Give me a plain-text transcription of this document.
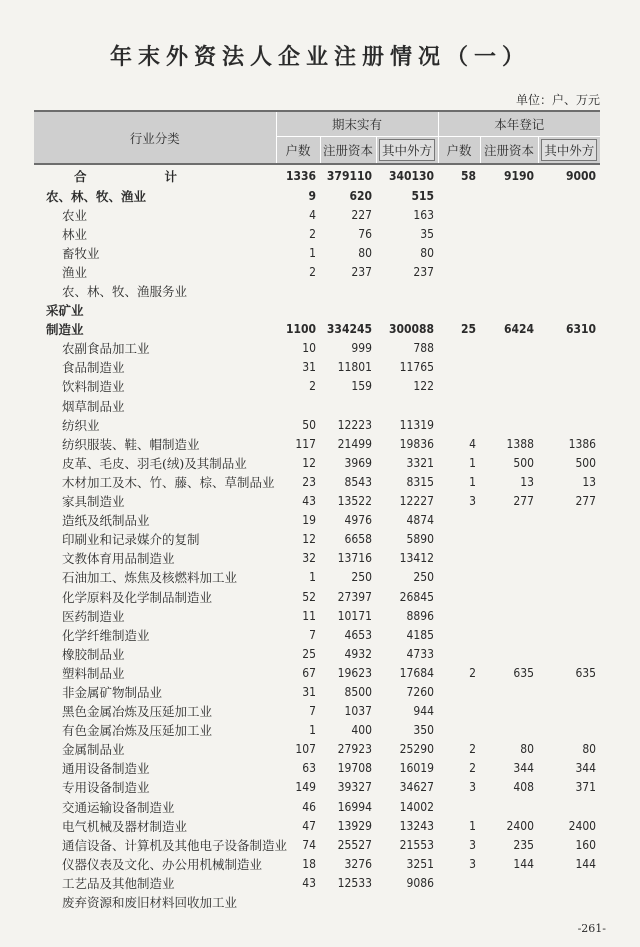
年末外资法人企业注册情况（一）
单位：户、万元
行业分类	期末实有			本年登记		
	户数	注册资本	其中外方	户数	注册资本	其中外方
合 计	1336	379110	340130	58	9190	9000
农、林、牧、渔业	9	620	515			
农业	4	227	163			
林业	2	76	35			
畜牧业	1	80	80			
渔业	2	237	237			
农、林、牧、渔服务业						
采矿业						
制造业	1100	334245	300088	25	6424	6310
农副食品加工业	10	999	788			
食品制造业	31	11801	11765			
饮料制造业	2	159	122			
烟草制品业						
纺织业	50	12223	11319			
纺织服装、鞋、帽制造业	117	21499	19836	4	1388	1386
皮革、毛皮、羽毛(绒)及其制品业	12	3969	3321	1	500	500
木材加工及木、竹、藤、棕、草制品业	23	8543	8315	1	13	13
家具制造业	43	13522	12227	3	277	277
造纸及纸制品业	19	4976	4874			
印刷业和记录媒介的复制	12	6658	5890			
文教体育用品制造业	32	13716	13412			
石油加工、炼焦及核燃料加工业	1	250	250			
化学原料及化学制品制造业	52	27397	26845			
医药制造业	11	10171	8896			
化学纤维制造业	7	4653	4185			
橡胶制品业	25	4932	4733			
塑料制品业	67	19623	17684	2	635	635
非金属矿物制品业	31	8500	7260			
黑色金属冶炼及压延加工业	7	1037	944			
有色金属冶炼及压延加工业	1	400	350			
金属制品业	107	27923	25290	2	80	80
通用设备制造业	63	19708	16019	2	344	344
专用设备制造业	149	39327	34627	3	408	371
交通运输设备制造业	46	16994	14002			
电气机械及器材制造业	47	13929	13243	1	2400	2400
通信设备、计算机及其他电子设备制造业	74	25527	21553	3	235	160
仪器仪表及文化、办公用机械制造业	18	3276	3251	3	144	144
工艺品及其他制造业	43	12533	9086			
废弃资源和废旧材料回收加工业						
-261-
